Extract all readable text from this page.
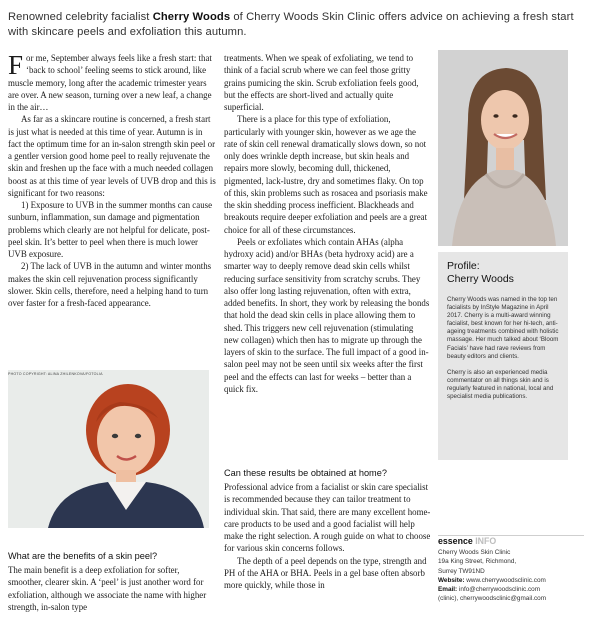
Renowned celebrity facialist Cherry Woods of Cherry Woods Skin Clinic offers advice on achieving a fresh start with skincare peels and exfoliation this autumn.

For me, September always feels like a fresh start: that ‘back to school’ feeling seems to stick around, like muscle memory, long after the academic trimester years are over. A new season, turning over a new leaf, a change in the air…

As far as a skincare routine is concerned, a fresh start is just what is needed at this time of year. Autumn is in fact the optimum time for an in-salon strength skin peel or a gentler version good home peel to really rejuvenate the skin and freshen up the face with a much needed collagen boost as at this time of year levels of UVB drop and this is significant for two reasons:

1) Exposure to UVB in the summer months can cause sunburn, inflammation, sun damage and pigmentation problems which clearly are not helpful for delicate, post-peel skin. It’s better to peel when there is much lower UVB exposure.

2) The lack of UVB in the autumn and winter months makes the skin cell rejuvenation process significantly slower. Skin cells, therefore, need a helping hand to turn over faster for a fresh-faced appearance.

PHOTO COPYRIGHT: ALINA ZHILENKOVA/FOTOLIA
What are the benefits of a skin peel?
The main benefit is a deep exfoliation for softer, smoother, clearer skin. A ‘peel’ is just another word for exfoliation, although we associate the name with higher strength, in-salon type

treatments. When we speak of exfoliating, we tend to think of a facial scrub where we can feel those gritty grains pumicing the skin. Scrub exfoliation feels good, but the effects are short-lived and actually quite superficial.

There is a place for this type of exfoliation, particularly with younger skin, however as we age the rate of skin cell renewal dramatically slows down, so not only does wrinkle depth increase, but skin heals and repairs more slowly, becoming dull, thickened, pigmented, lack-lustre, dry and sometimes flaky. On top of this, skin problems such as rosacea and psoriasis make the skin shedding process inefficient. Blackheads and breakouts require deeper exfoliation and peels are a great choice for all of these circumstances.

Peels or exfoliates which contain AHAs (alpha hydroxy acid) and/or BHAs (beta hydroxy acid) are a smarter way to deeply remove dead skin cells whilst reducing surface sensitivity from scratchy scrubs. They also offer long lasting rejuvenation, often with extra, added benefits. In short, they work by releasing the bonds that hold the dead skin cells in place allowing them to shed. This triggers new cell rejuvenation (stimulating new collagen) which then has to migrate up through the layers of skin to the surface. The full impact of a good in-salon peel may not be seen until six weeks after the first peel and the effects can last for weeks – better than a quick fix.

Can these results be obtained at home?

Professional advice from a facialist or skin care specialist is recommended because they can tailor treatment to individual skin. That said, there are many excellent home-care products to be used and a good facialist will help make the right selection. A rough guide on what to choose for various skin concerns follows.

The depth of a peel depends on the type, strength and PH of the AHA or BHA. Peels in a gel base often absorb more quickly, while those in

Profile:
Cherry Woods
Cherry Woods was named in the top ten facialists by InStyle Magazine in April 2017. Cherry is a multi-award winning facialist, best known for her hi-tech, anti-ageing treatments combined with holistic massage. Her much talked about ‘Bloom Facials’ have had rave reviews from beauty editors and clients.
Cherry is also an experienced media commentator on all things skin and is regularly featured in national, local and specialist media publications.
essence INFO
Cherry Woods Skin Clinic
19a King Street, Richmond,
Surrey TW91ND
Website: www.cherrywoodsclinic.com
Email: info@cherrywoodsclinic.com
(clinic), cherrywoodsclinic@gmail.com
